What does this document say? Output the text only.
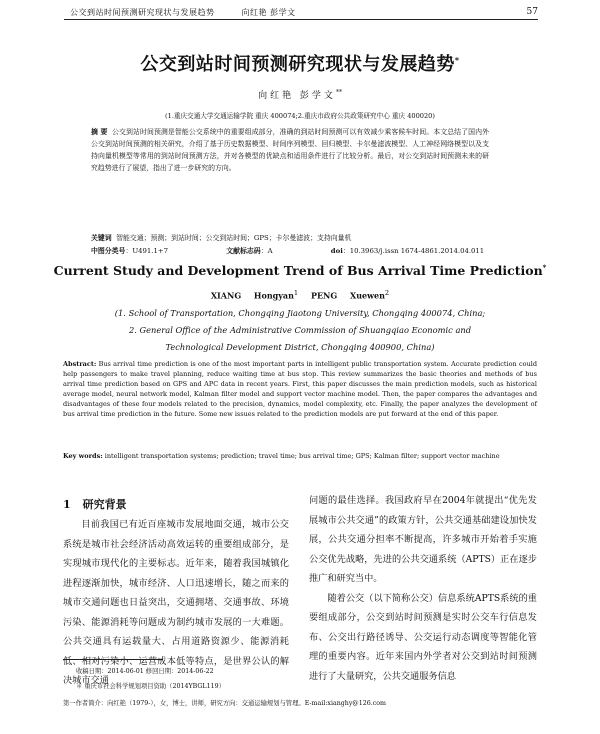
公交到站时间预测研究现状与发展趋势	向红艳 彭学文	57
公交到站时间预测研究现状与发展趋势*
向红艳 彭学文**
(1.重庆交通大学交通运输学院 重庆 400074;2.重庆市政府公共政策研究中心 重庆 400020)
摘 要 公交到站时间预测是智能公交系统中的重要组成部分，准确的到站时间预测可以有效减少乘客候车时间。本文总结了国内外公交到站时间预测的相关研究，介绍了基于历史数据模型、时间序列模型、回归模型、卡尔曼滤波模型、人工神经网络模型以及支持向量机模型等常用的到站时间预测方法，并对各模型的优缺点和适用条件进行了比较分析。最后，对公交到站时间预测未来的研究趋势进行了展望，指出了进一步研究的方向。
关键词 智能交通；预测；到站时间；公交到站时间；GPS；卡尔曼滤波；支持向量机
中图分类号：U491.1+7	文献标志码：A	doi：10.3963/j.issn 1674-4861.2014.04.011
Current Study and Development Trend of Bus Arrival Time Prediction*
XIANG Hongyan$^1$ PENG Xuewen$^2$
(1. School of Transportation, Chongqing Jiaotong University, Chongqing 400074, China;
2. General Office of the Administrative Commission of Shuangqiao Economic and
Technological Development District, Chongqing 400900, China)
Abstract: Bus arrival time prediction is one of the most important parts in intelligent public transportation system. Accurate prediction could help passengers to make travel planning, reduce waiting time at bus stop. This review summarizes the basic theories and methods of bus arrival time prediction based on GPS and APC data in recent years. First, this paper discusses the main prediction models, such as historical average model, neural network model, Kalman filter model and support vector machine model. Then, the paper compares the advantages and disadvantages of these four models related to the precision, dynamics, model complexity, etc. Finally, the paper analyzes the development of bus arrival time prediction in the future. Some new issues related to the prediction models are put forward at the end of this paper.
Key words: intelligent transportation systems; prediction; travel time; bus arrival time; GPS; Kalman filter; support vector machine
1 研究背景

目前我国已有近百座城市发展地面交通，城市公交系统是城市社会经济活动高效运转的重要组成部分，是实现城市现代化的主要标志。近年来，随着我国城镇化进程逐渐加快，城市经济、人口迅速增长，随之而来的城市交通问题也日益突出，交通拥堵、交通事故、环境污染、能源消耗等问题成为制约城市发展的一大难题。公共交通具有运载量大、占用道路资源少、能源消耗低、相对污染小、运营成本低等特点，是世界公认的解决城市交通

问题的最佳选择。我国政府早在2004年就提出“优先发展城市公共交通”的政策方针，公共交通基础建设加快发展，公共交通分担率不断提高，许多城市开始着手实施公交优先战略，先进的公共交通系统（APTS）正在逐步推广和研究当中。

随着公交（以下简称公交）信息系统APTS系统的重要组成部分，公交到站时间预测是实时公交车行信息发布、公交出行路径诱导、公交运行动态调度等智能化管理的重要内容。近年来国内外学者对公交到站时间预测进行了大量研究，公共交通服务信息

收稿日期：2014-06-01 修回日期：2014-06-22
＊ 重庆市社会科学规划项目资助（2014YBGL119）
第一作者简介：向红艳（1979-），女，博士，讲师，研究方向：交通运输规划与管理。E-mail:xianghy@126.com
